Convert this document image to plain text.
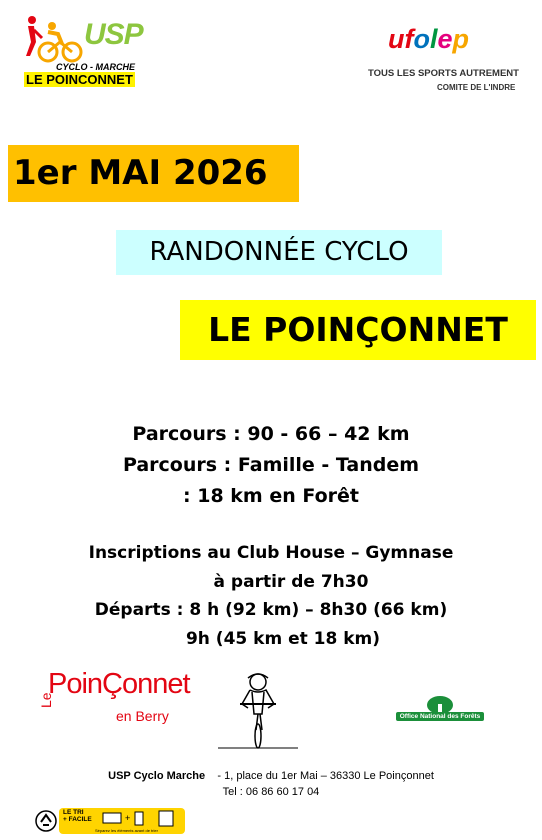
USP
CYCLO - MARCHE
LE POINCONNET
ufolep
TOUS LES SPORTS AUTREMENT
COMITE DE L'INDRE
1er MAI 2026
RANDONNÉE CYCLO
LE POINÇONNET
Parcours : 90 - 66 – 42 km
Parcours : Famille - Tandem
: 18 km en Forêt
Inscriptions au Club House – Gymnase
à partir de 7h30
Départs : 8 h (92 km) – 8h30 (66 km)
9h (45 km et 18 km)
Le
PoinÇonnet
en Berry	Office National des Forêts
USP Cyclo Marche - 1, place du 1er Mai – 36330 Le Poinçonnet
Tel : 06 86 60 17 04
LE TRI
+ FACILE	+
Séparez les éléments avant de trier
